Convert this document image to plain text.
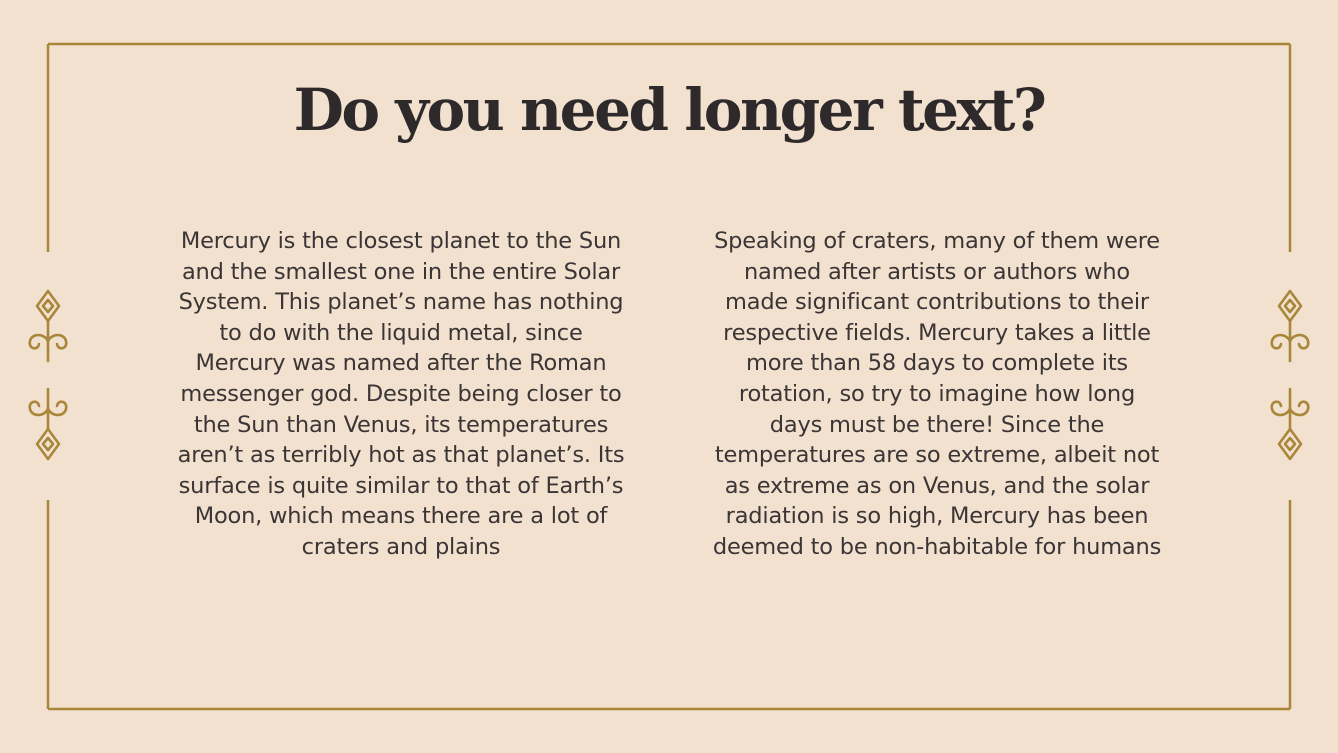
Do you need longer text?

Mercury is the closest planet to the Sun and the smallest one in the entire Solar System. This planet’s name has nothing to do with the liquid metal, since Mercury was named after the Roman messenger god. Despite being closer to the Sun than Venus, its temperatures aren’t as terribly hot as that planet’s. Its surface is quite similar to that of Earth’s Moon, which means there are a lot of craters and plains

Speaking of craters, many of them were named after artists or authors who made significant contributions to their respective fields. Mercury takes a little more than 58 days to complete its rotation, so try to imagine how long days must be there! Since the temperatures are so extreme, albeit not as extreme as on Venus, and the solar radiation is so high, Mercury has been deemed to be non-habitable for humans
